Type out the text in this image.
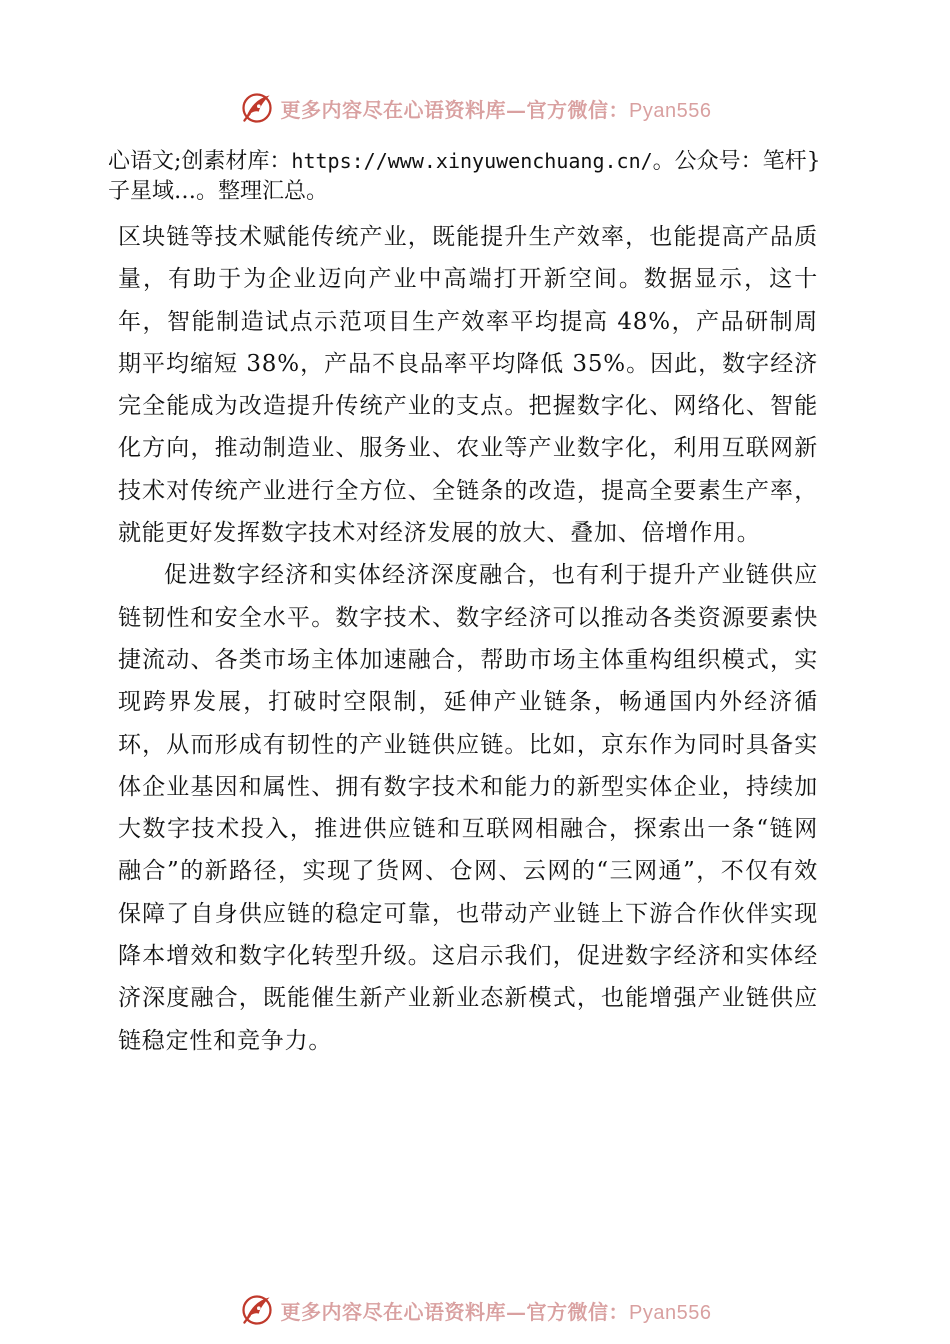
更多内容尽在心语资料库—官方微信：Pyan556
心语文;创素材库：https://www.xinyuwenchuang.cn/。公众号：笔杆}子星域…。整理汇总。

区块链等技术赋能传统产业，既能提升生产效率，也能提高产品质量，有助于为企业迈向产业中高端打开新空间。数据显示，这十年，智能制造试点示范项目生产效率平均提高 48%，产品研制周期平均缩短 38%，产品不良品率平均降低 35%。因此，数字经济完全能成为改造提升传统产业的支点。把握数字化、网络化、智能化方向，推动制造业、服务业、农业等产业数字化，利用互联网新技术对传统产业进行全方位、全链条的改造，提高全要素生产率，就能更好发挥数字技术对经济发展的放大、叠加、倍增作用。

促进数字经济和实体经济深度融合，也有利于提升产业链供应链韧性和安全水平。数字技术、数字经济可以推动各类资源要素快捷流动、各类市场主体加速融合，帮助市场主体重构组织模式，实现跨界发展，打破时空限制，延伸产业链条，畅通国内外经济循环，从而形成有韧性的产业链供应链。比如，京东作为同时具备实体企业基因和属性、拥有数字技术和能力的新型实体企业，持续加大数字技术投入，推进供应链和互联网相融合，探索出一条“链网融合”的新路径，实现了货网、仓网、云网的“三网通”，不仅有效保障了自身供应链的稳定可靠，也带动产业链上下游合作伙伴实现降本增效和数字化转型升级。这启示我们，促进数字经济和实体经济深度融合，既能催生新产业新业态新模式，也能增强产业链供应链稳定性和竞争力。

更多内容尽在心语资料库—官方微信：Pyan556
